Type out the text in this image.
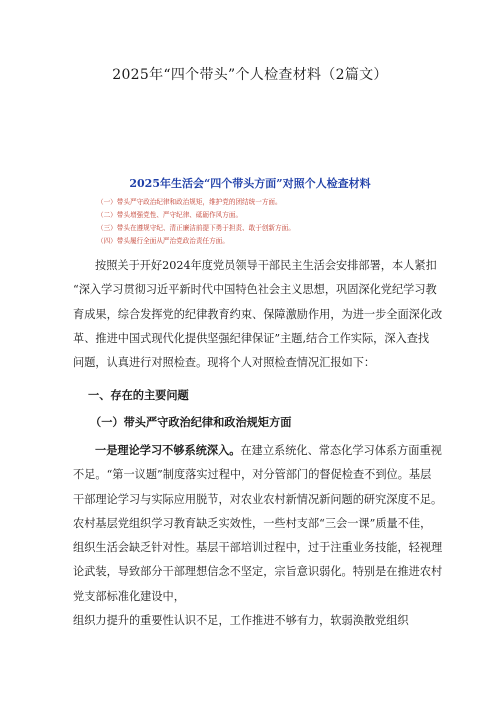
2025年“四个带头”个人检查材料（2篇文）
2025年生活会“四个带头方面”对照个人检查材料
（一）带头严守政治纪律和政治规矩，维护党的团结统一方面。
（二）带头增强党性、严守纪律、砥砺作风方面。
（三）带头在遵规守纪、清正廉洁前提下勇于担责、敢于创新方面。
（四）带头履行全面从严治党政治责任方面。
按照关于开好2024年度党员领导干部民主生活会安排部署，本人紧扣
“深入学习贯彻习近平新时代中国特色社会主义思想，巩固深化党纪学习教
育成果，综合发挥党的纪律教育约束、保障激励作用，为进一步全面深化改
革、推进中国式现代化提供坚强纪律保证”主题,结合工作实际，深入查找
问题，认真进行对照检查。现将个人对照检查情况汇报如下：
一、存在的主要问题
（一）带头严守政治纪律和政治规矩方面
一是理论学习不够系统深入。在建立系统化、常态化学习体系方面重视
不足。“第一议题”制度落实过程中，对分管部门的督促检查不到位。基层
干部理论学习与实际应用脱节，对农业农村新情况新问题的研究深度不足。
农村基层党组织学习教育缺乏实效性，一些村支部“三会一课”质量不佳，
组织生活会缺乏针对性。基层干部培训过程中，过于注重业务技能，轻视理
论武装，导致部分干部理想信念不坚定，宗旨意识弱化。特别是在推进农村
党支部标准化建设中，
组织力提升的重要性认识不足，工作推进不够有力，软弱涣散党组织
